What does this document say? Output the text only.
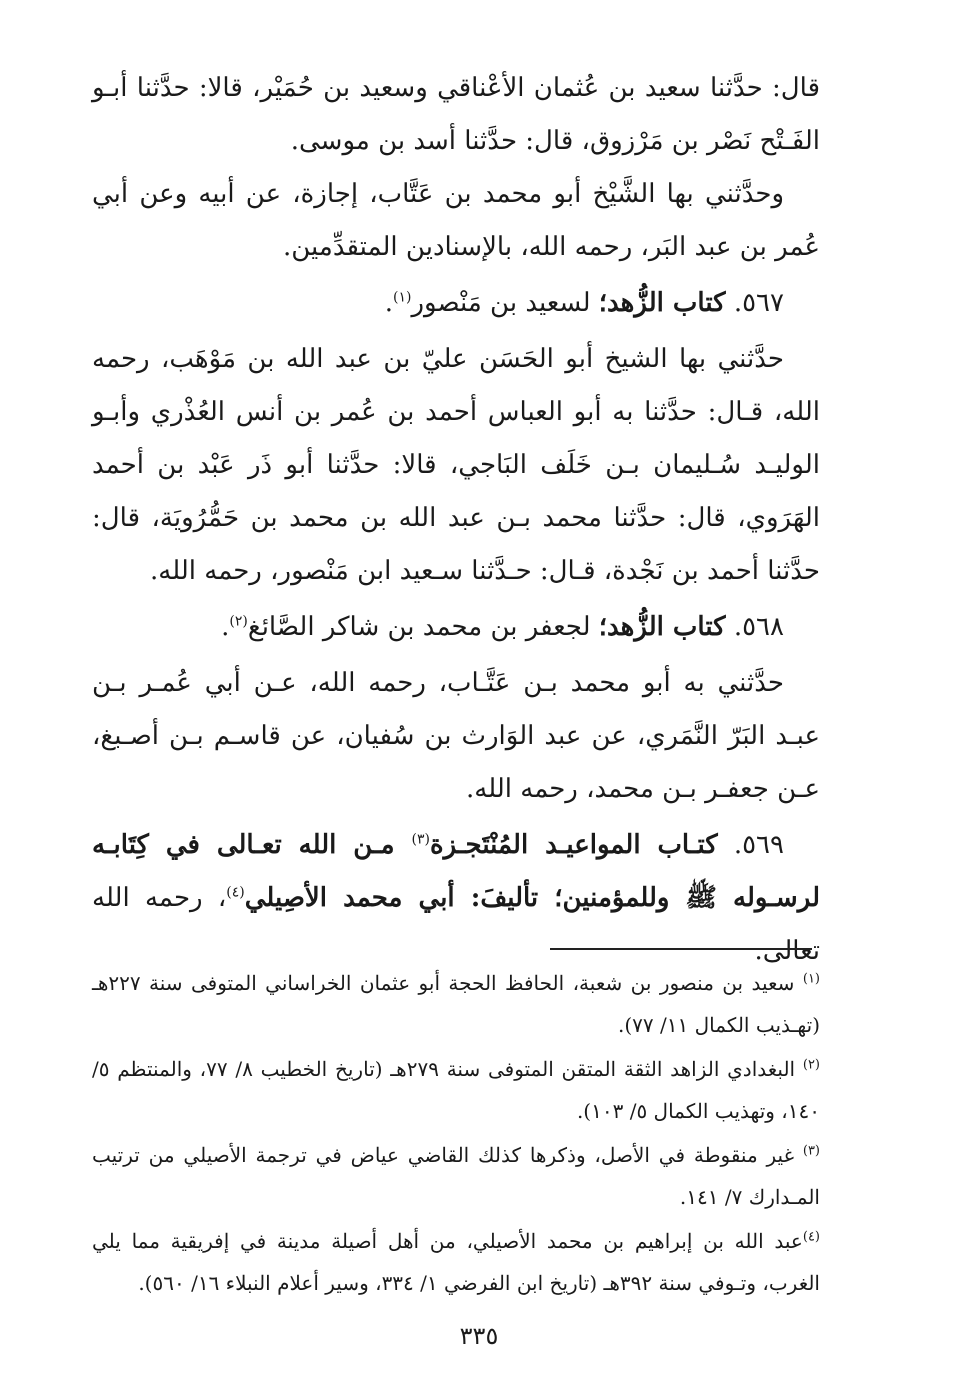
قال: حدَّثنا سعيد بن عُثمان الأعْناقي وسعيد بن حُمَيْر، قالا: حدَّثنا أبـو الفَـتْح نَصْر بن مَرْزوق، قال: حدَّثنا أسد بن موسى.

وحدَّثني بها الشَّيْخ أبو محمد بن عَتَّاب، إجازة، عن أبيه وعن أبي عُمر بن عبد البَر، رحمه الله، بالإسنادين المتقدِّمين.

٥٦٧. كتاب الزُّهد؛ لسعيد بن مَنْصور$^{(١)}$.

حدَّثني بها الشيخ أبو الحَسَن عليّ بن عبد الله بن مَوْهَب، رحمه الله، قـال: حدَّثنا به أبو العباس أحمد بن عُمر بن أنس العُذْري وأبـو الوليـد سُـليمان بـن خَلَف البَاجي، قالا: حدَّثنا أبو ذَر عَبْد بن أحمد الهَرَوي، قال: حدَّثنا محمد بـن عبد الله بن محمد بن حَمُّرُويَة، قال: حدَّثنا أحمد بن نَجْدة، قـال: حـدَّثنا سـعيد ابن مَنْصور، رحمه الله.

٥٦٨. كتاب الزُّهد؛ لجعفر بن محمد بن شاكر الصَّائغ$^{(٢)}$.

حدَّثني به أبو محمد بـن عَتَّـاب، رحمه الله، عـن أبي عُمـر بـن عبـد البَرّ النَّمَري، عن عبد الوَارث بن سُفيان، عن قاسـم بـن أصـبغ، عـن جعفـر بـن محمد، رحمه الله.

٥٦٩. كتـاب المواعيـد المُنْتَجـزة$^{(٣)}$ مـن الله تعـالى في كِتَابـه لرسـوله ﷺ وللمؤمنين؛ تأليفَ: أبي محمد الأصِيلي$^{(٤)}$، رحمه الله تعالى.

$^{(١)}$ سعيد بن منصور بن شعبة، الحافظ الحجة أبو عثمان الخراساني المتوفى سنة ٢٢٧هـ (تهـذيب الكمال ١١/ ٧٧).

$^{(٢)}$ البغدادي الزاهد الثقة المتقن المتوفى سنة ٢٧٩هـ (تاريخ الخطيب ٨/ ٧٧، والمنتظم ٥/ ١٤٠، وتهذيب الكمال ٥/ ١٠٣).

$^{(٣)}$ غير منقوطة في الأصل، وذكرها كذلك القاضي عياض في ترجمة الأصيلي من ترتيب المـدارك ٧/ ١٤١.

$^{(٤)}$عبد الله بن إبراهيم بن محمد الأصيلي، من أهل أصيلة مدينة في إفريقية مما يلي الغرب، وتـوفي سنة ٣٩٢هـ (تاريخ ابن الفرضي ١/ ٣٣٤، وسير أعلام النبلاء ١٦/ ٥٦٠).

٣٣٥
